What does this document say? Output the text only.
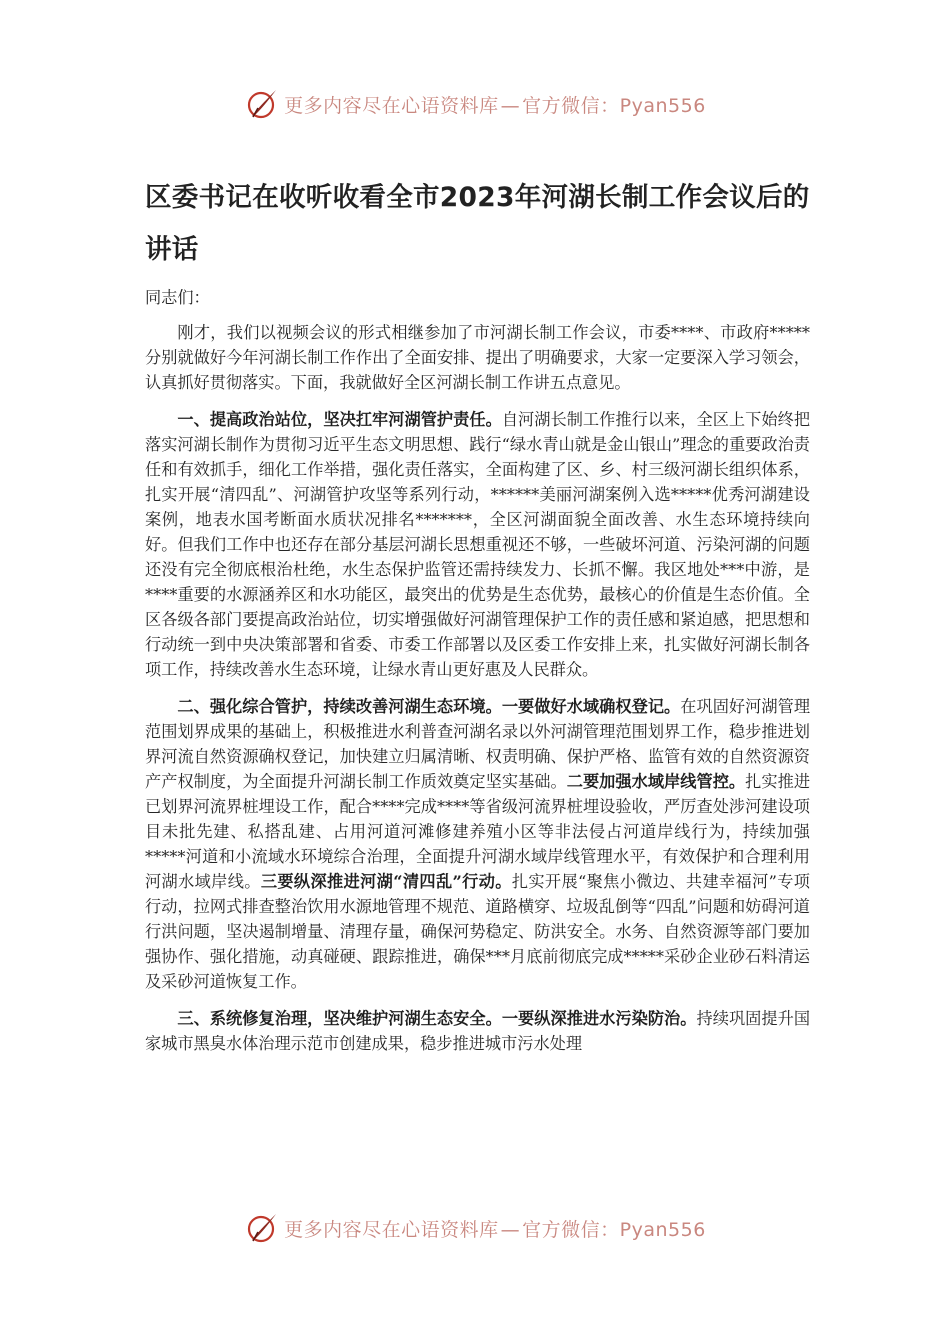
更多内容尽在心语资料库 — 官方微信：Pyan556
区委书记在收听收看全市2023年河湖长制工作会议后的讲话

同志们：

刚才，我们以视频会议的形式相继参加了市河湖长制工作会议，市委****、市政府*****分别就做好今年河湖长制工作作出了全面安排、提出了明确要求，大家一定要深入学习领会，认真抓好贯彻落实。下面，我就做好全区河湖长制工作讲五点意见。

一、提高政治站位，坚决扛牢河湖管护责任。自河湖长制工作推行以来，全区上下始终把落实河湖长制作为贯彻习近平生态文明思想、践行“绿水青山就是金山银山”理念的重要政治责任和有效抓手，细化工作举措，强化责任落实，全面构建了区、乡、村三级河湖长组织体系，扎实开展“清四乱”、河湖管护攻坚等系列行动，******美丽河湖案例入选*****优秀河湖建设案例，地表水国考断面水质状况排名*******，全区河湖面貌全面改善、水生态环境持续向好。但我们工作中也还存在部分基层河湖长思想重视还不够，一些破坏河道、污染河湖的问题还没有完全彻底根治杜绝，水生态保护监管还需持续发力、长抓不懈。我区地处***中游，是****重要的水源涵养区和水功能区，最突出的优势是生态优势，最核心的价值是生态价值。全区各级各部门要提高政治站位，切实增强做好河湖管理保护工作的责任感和紧迫感，把思想和行动统一到中央决策部署和省委、市委工作部署以及区委工作安排上来，扎实做好河湖长制各项工作，持续改善水生态环境，让绿水青山更好惠及人民群众。

二、强化综合管护，持续改善河湖生态环境。一要做好水域确权登记。在巩固好河湖管理范围划界成果的基础上，积极推进水利普查河湖名录以外河湖管理范围划界工作，稳步推进划界河流自然资源确权登记，加快建立归属清晰、权责明确、保护严格、监管有效的自然资源资产产权制度，为全面提升河湖长制工作质效奠定坚实基础。二要加强水域岸线管控。扎实推进已划界河流界桩埋设工作，配合****完成****等省级河流界桩埋设验收，严厉查处涉河建设项目未批先建、私搭乱建、占用河道河滩修建养殖小区等非法侵占河道岸线行为，持续加强*****河道和小流域水环境综合治理，全面提升河湖水域岸线管理水平，有效保护和合理利用河湖水域岸线。三要纵深推进河湖“清四乱”行动。扎实开展“聚焦小微边、共建幸福河”专项行动，拉网式排查整治饮用水源地管理不规范、道路横穿、垃圾乱倒等“四乱”问题和妨碍河道行洪问题，坚决遏制增量、清理存量，确保河势稳定、防洪安全。水务、自然资源等部门要加强协作、强化措施，动真碰硬、跟踪推进，确保***月底前彻底完成*****采砂企业砂石料清运及采砂河道恢复工作。

三、系统修复治理，坚决维护河湖生态安全。一要纵深推进水污染防治。持续巩固提升国家城市黑臭水体治理示范市创建成果，稳步推进城市污水处理

更多内容尽在心语资料库 — 官方微信：Pyan556
